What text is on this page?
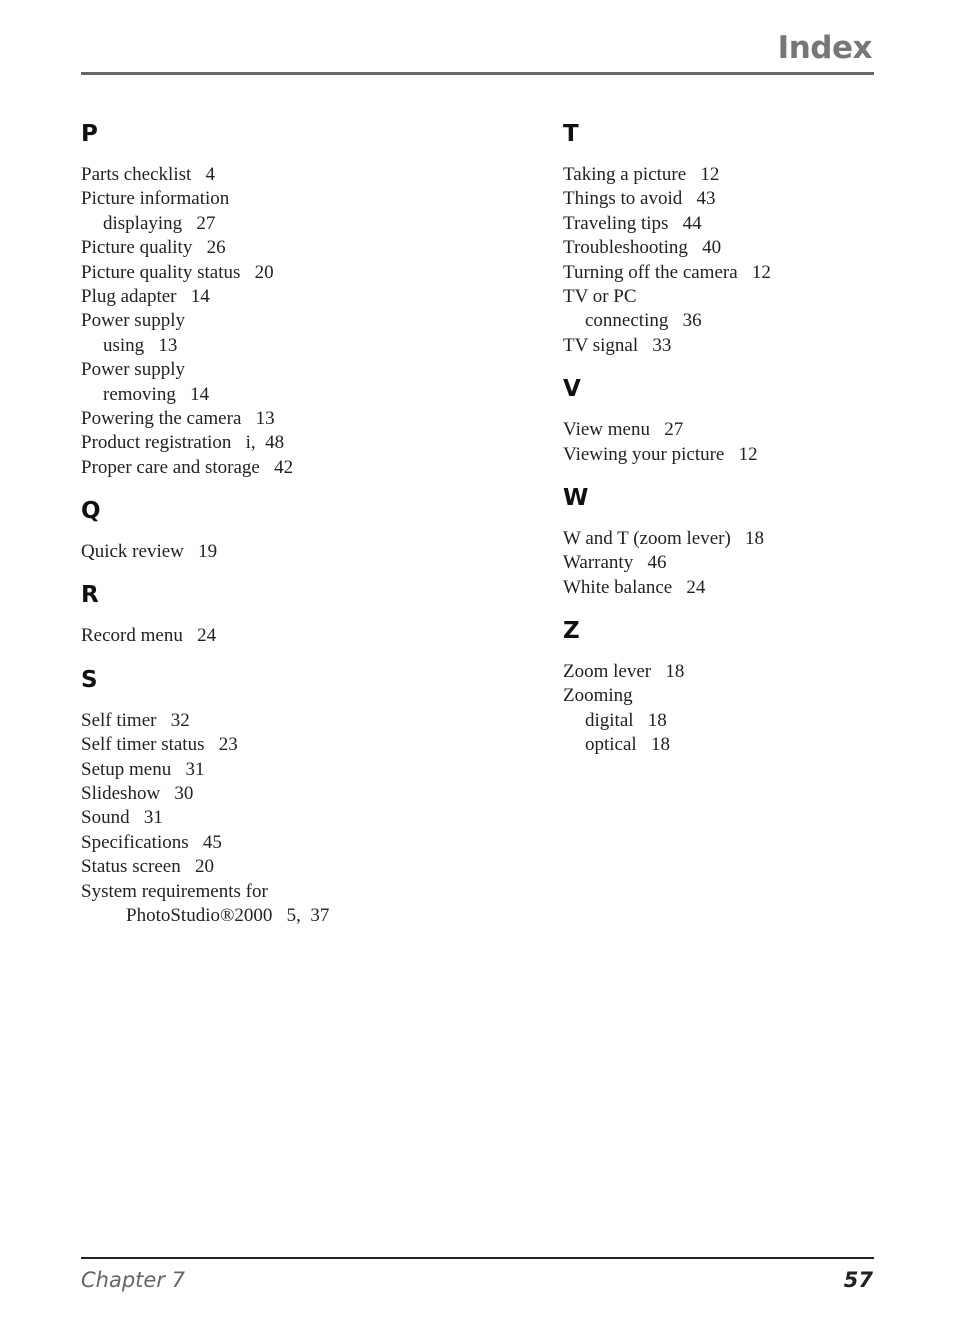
Index
P
Parts checklist   4
Picture information
displaying   27
Picture quality   26
Picture quality status   20
Plug adapter   14
Power supply
using   13
Power supply
removing   14
Powering the camera   13
Product registration   i,  48
Proper care and storage   42
Q
Quick review   19
R
Record menu   24
S
Self timer   32
Self timer status   23
Setup menu   31
Slideshow   30
Sound   31
Specifications   45
Status screen   20
System requirements for
PhotoStudio®2000   5,  37
T
Taking a picture   12
Things to avoid   43
Traveling tips   44
Troubleshooting   40
Turning off the camera   12
TV or PC
connecting   36
TV signal   33
V
View menu   27
Viewing your picture   12
W
W and T (zoom lever)   18
Warranty   46
White balance   24
Z
Zoom lever   18
Zooming
digital   18
optical   18
Chapter 7	57
